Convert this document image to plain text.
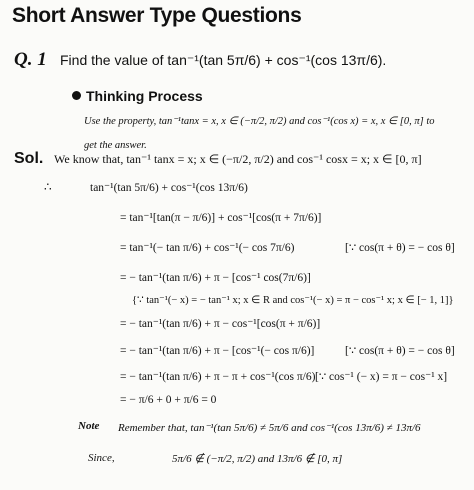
Short Answer Type Questions
Q. 1 Find the value of tan⁻¹(tan 5π/6) + cos⁻¹(cos 13π/6).
Thinking Process
Use the property, tan⁻¹tanx = x, x ∈ (−π/2, π/2) and cos⁻¹(cos x) = x, x ∈ [0, π] to get the answer.
Sol. We know that, tan⁻¹ tanx = x; x ∈ (−π/2, π/2) and cos⁻¹ cosx = x; x ∈ [0, π]
∴	tan⁻¹(tan 5π/6) + cos⁻¹(cos 13π/6)
= tan⁻¹[tan(π − π/6)] + cos⁻¹[cos(π + 7π/6)]
= tan⁻¹(− tan π/6) + cos⁻¹(− cos 7π/6)	[∵ cos(π + θ) = − cos θ]
= − tan⁻¹(tan π/6) + π − [cos⁻¹ cos(7π/6)]
{∵ tan⁻¹(− x) = − tan⁻¹ x; x ∈ R and cos⁻¹(− x) = π − cos⁻¹ x; x ∈ [− 1, 1]}
= − tan⁻¹(tan π/6) + π − cos⁻¹[cos(π + π/6)]
= − tan⁻¹(tan π/6) + π − [cos⁻¹(− cos π/6)]	[∵ cos(π + θ) = − cos θ]
= − tan⁻¹(tan π/6) + π − π + cos⁻¹(cos π/6) [∵ cos⁻¹ (− x) = π − cos⁻¹ x]
= − π/6 + 0 + π/6 = 0
Note Remember that, tan⁻¹(tan 5π/6) ≠ 5π/6 and cos⁻¹(cos 13π/6) ≠ 13π/6
Since,	5π/6 ∉ (−π/2, π/2) and 13π/6 ∉ [0, π]
